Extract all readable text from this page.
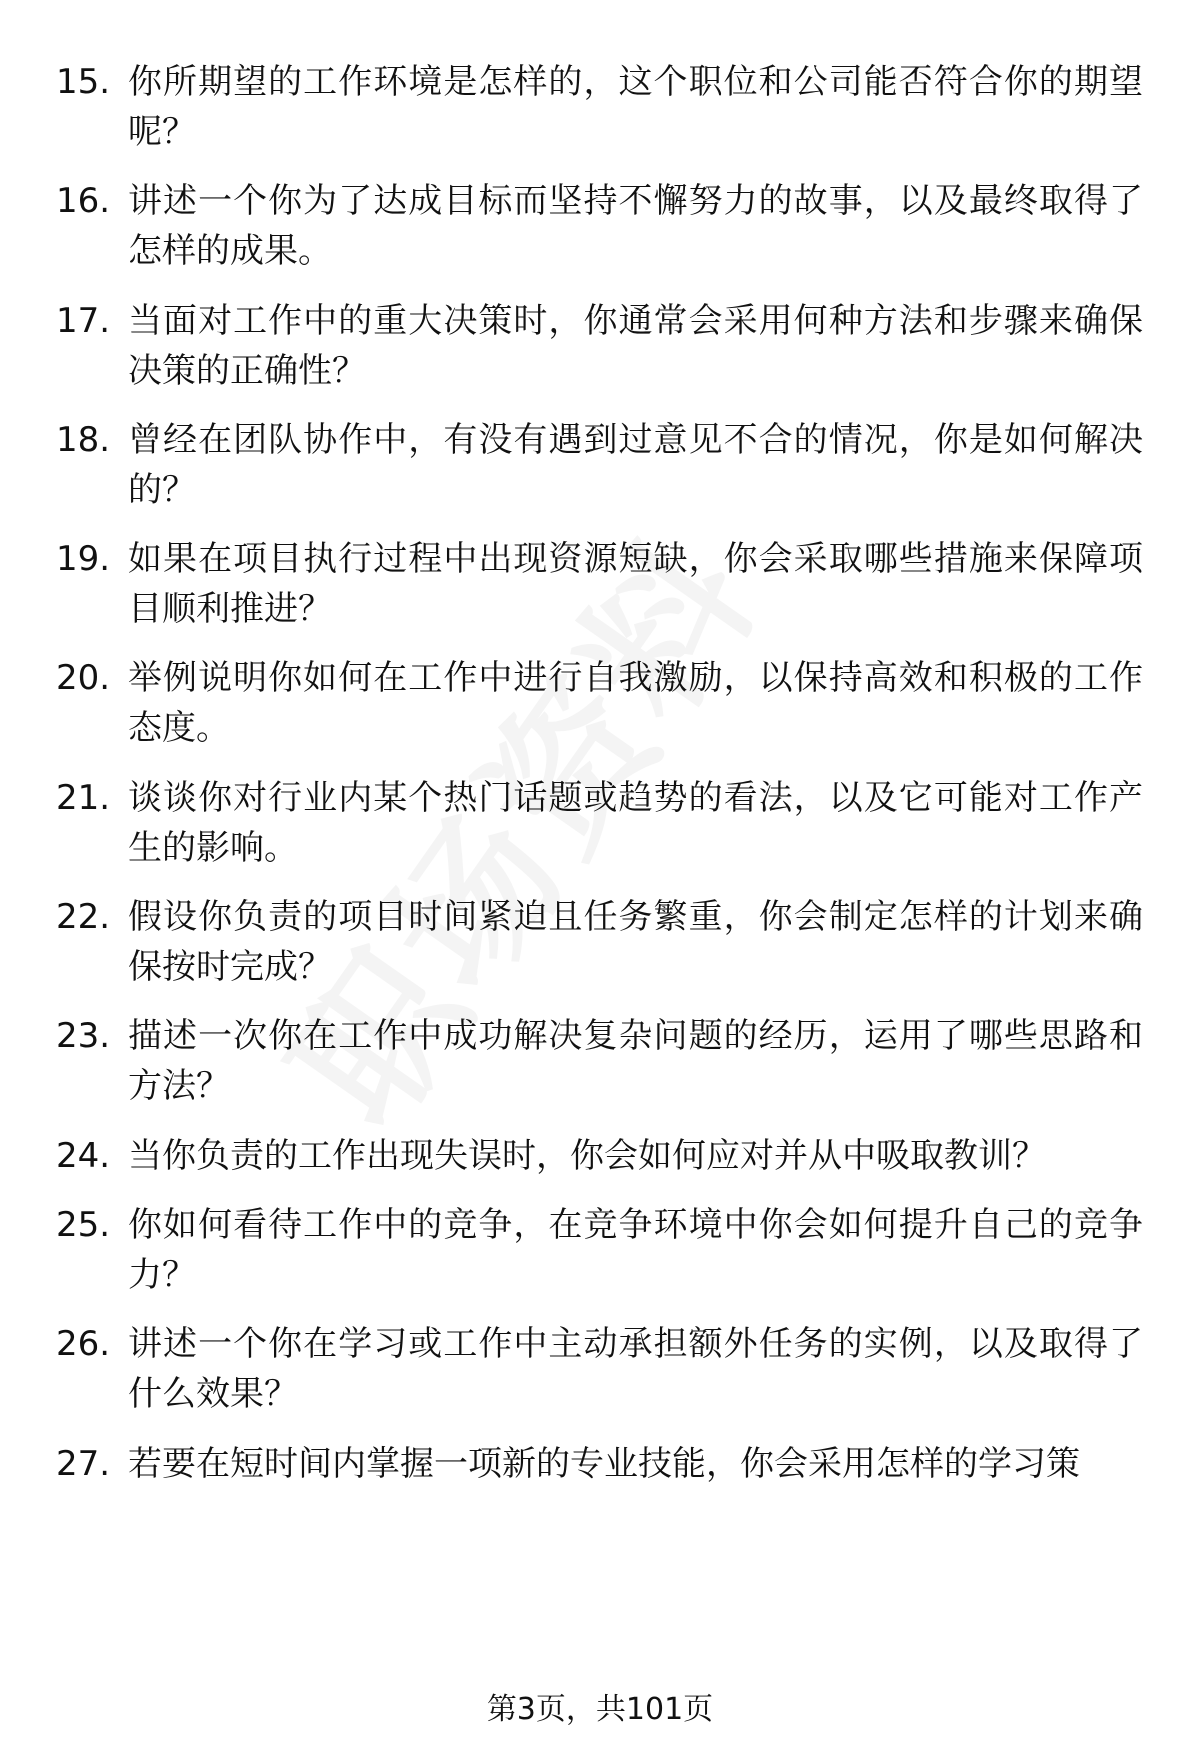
15. 你所期望的工作环境是怎样的，这个职位和公司能否符合你的期望呢？
16. 讲述一个你为了达成目标而坚持不懈努力的故事，以及最终取得了怎样的成果。
17. 当面对工作中的重大决策时，你通常会采用何种方法和步骤来确保决策的正确性？
18. 曾经在团队协作中，有没有遇到过意见不合的情况，你是如何解决的？
19. 如果在项目执行过程中出现资源短缺，你会采取哪些措施来保障项目顺利推进？
20. 举例说明你如何在工作中进行自我激励，以保持高效和积极的工作态度。
21. 谈谈你对行业内某个热门话题或趋势的看法，以及它可能对工作产生的影响。
22. 假设你负责的项目时间紧迫且任务繁重，你会制定怎样的计划来确保按时完成？
23. 描述一次你在工作中成功解决复杂问题的经历，运用了哪些思路和方法？
24. 当你负责的工作出现失误时，你会如何应对并从中吸取教训？
25. 你如何看待工作中的竞争，在竞争环境中你会如何提升自己的竞争力？
26. 讲述一个你在学习或工作中主动承担额外任务的实例，以及取得了什么效果？
27. 若要在短时间内掌握一项新的专业技能，你会采用怎样的学习策
第3页，共101页
